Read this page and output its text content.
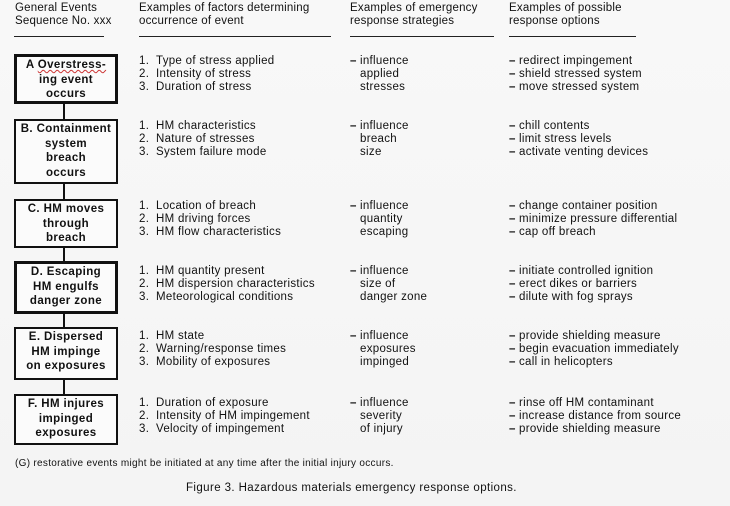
General Events
Sequence No. xxx
Examples of factors determining
occurrence of event
Examples of emergency
response strategies
Examples of possible
response options
A Overstress-
ing event
occurs
B. Containment
system
breach
occurs
C. HM moves
through
breach
D. Escaping
HM engulfs
danger zone
E. Dispersed
HM impinge
on exposures
F. HM injures
impinged
exposures
1. Type of stress applied
2. Intensity of stress
3. Duration of stress
1. HM characteristics
2. Nature of stresses
3. System failure mode
1. Location of breach
2. HM driving forces
3. HM flow characteristics
1. HM quantity present
2. HM dispersion characteristics
3. Meteorological conditions
1. HM state
2. Warning/response times
3. Mobility of exposures
1. Duration of exposure
2. Intensity of HM impingement
3. Velocity of impingement
– influence
applied
stresses
– influence
breach
size
– influence
quantity
escaping
– influence
size of
danger zone
– influence
exposures
impinged
– influence
severity
of injury
– redirect impingement
– shield stressed system
– move stressed system
– chill contents
– limit stress levels
– activate venting devices
– change container position
– minimize pressure differential
– cap off breach
– initiate controlled ignition
– erect dikes or barriers
– dilute with fog sprays
– provide shielding measure
– begin evacuation immediately
– call in helicopters
– rinse off HM contaminant
– increase distance from source
– provide shielding measure
(G) restorative events might be initiated at any time after the initial injury occurs.
Figure 3. Hazardous materials emergency response options.
